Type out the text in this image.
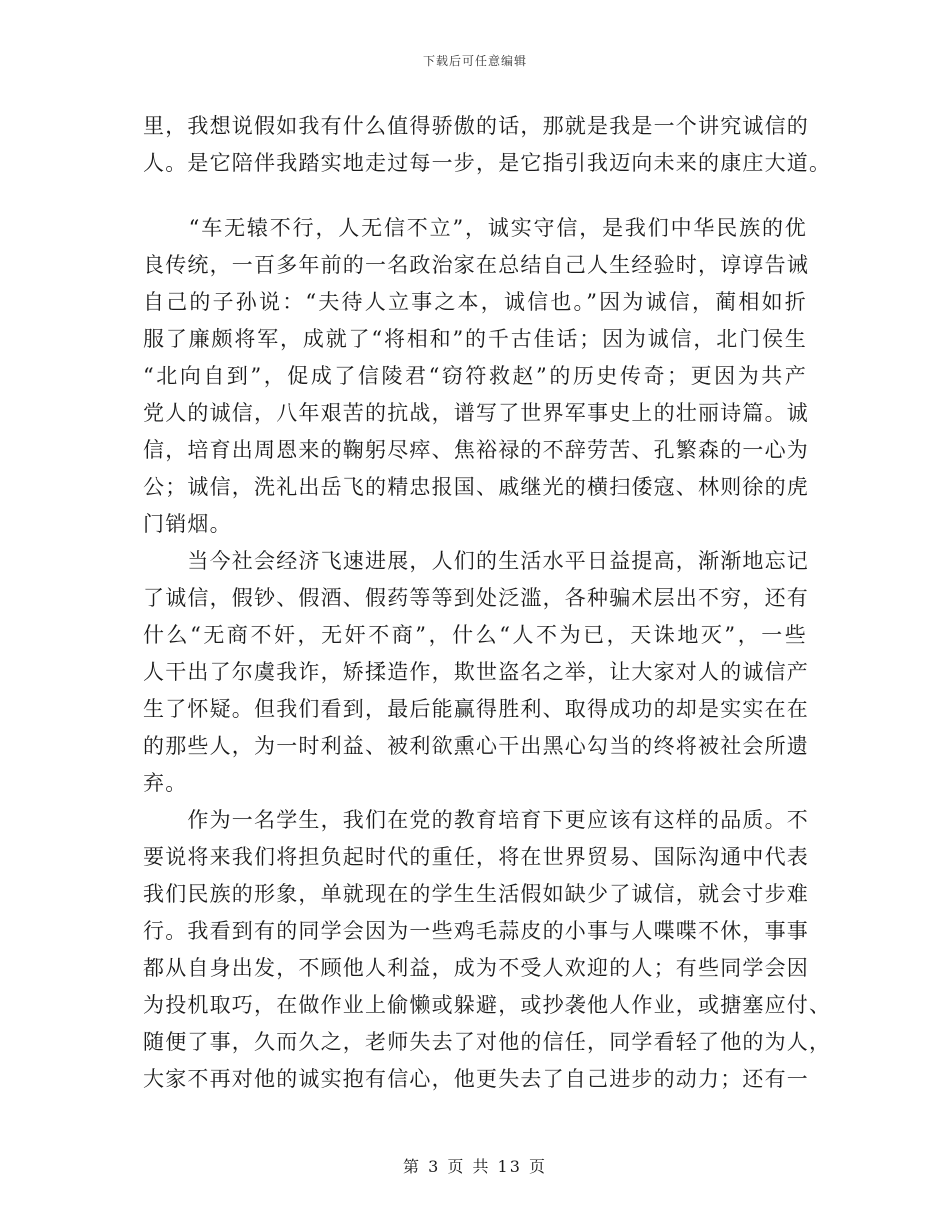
下载后可任意编辑
里，我想说假如我有什么值得骄傲的话，那就是我是一个讲究诚信的
人。是它陪伴我踏实地走过每一步，是它指引我迈向未来的康庄大道。
　　“车无辕不行，人无信不立”，诚实守信，是我们中华民族的优
良传统，一百多年前的一名政治家在总结自己人生经验时，谆谆告诫
自己的子孙说：“夫待人立事之本，诚信也。”因为诚信，蔺相如折
服了廉颇将军，成就了“将相和”的千古佳话；因为诚信，北门侯生
“北向自到”，促成了信陵君“窃符救赵”的历史传奇；更因为共产
党人的诚信，八年艰苦的抗战，谱写了世界军事史上的壮丽诗篇。诚
信，培育出周恩来的鞠躬尽瘁、焦裕禄的不辞劳苦、孔繁森的一心为
公；诚信，洗礼出岳飞的精忠报国、戚继光的横扫倭寇、林则徐的虎
门销烟。
　　当今社会经济飞速进展，人们的生活水平日益提高，渐渐地忘记
了诚信，假钞、假酒、假药等等到处泛滥，各种骗术层出不穷，还有
什么“无商不奸，无奸不商”，什么“人不为已，天诛地灭”，一些
人干出了尔虞我诈，矫揉造作，欺世盗名之举，让大家对人的诚信产
生了怀疑。但我们看到，最后能赢得胜利、取得成功的却是实实在在
的那些人，为一时利益、被利欲熏心干出黑心勾当的终将被社会所遗
弃。
　　作为一名学生，我们在党的教育培育下更应该有这样的品质。不
要说将来我们将担负起时代的重任，将在世界贸易、国际沟通中代表
我们民族的形象，单就现在的学生生活假如缺少了诚信，就会寸步难
行。我看到有的同学会因为一些鸡毛蒜皮的小事与人喋喋不休，事事
都从自身出发，不顾他人利益，成为不受人欢迎的人；有些同学会因
为投机取巧，在做作业上偷懒或躲避，或抄袭他人作业，或搪塞应付、
随便了事，久而久之，老师失去了对他的信任，同学看轻了他的为人，
大家不再对他的诚实抱有信心，他更失去了自己进步的动力；还有一
第 3 页 共 13 页
